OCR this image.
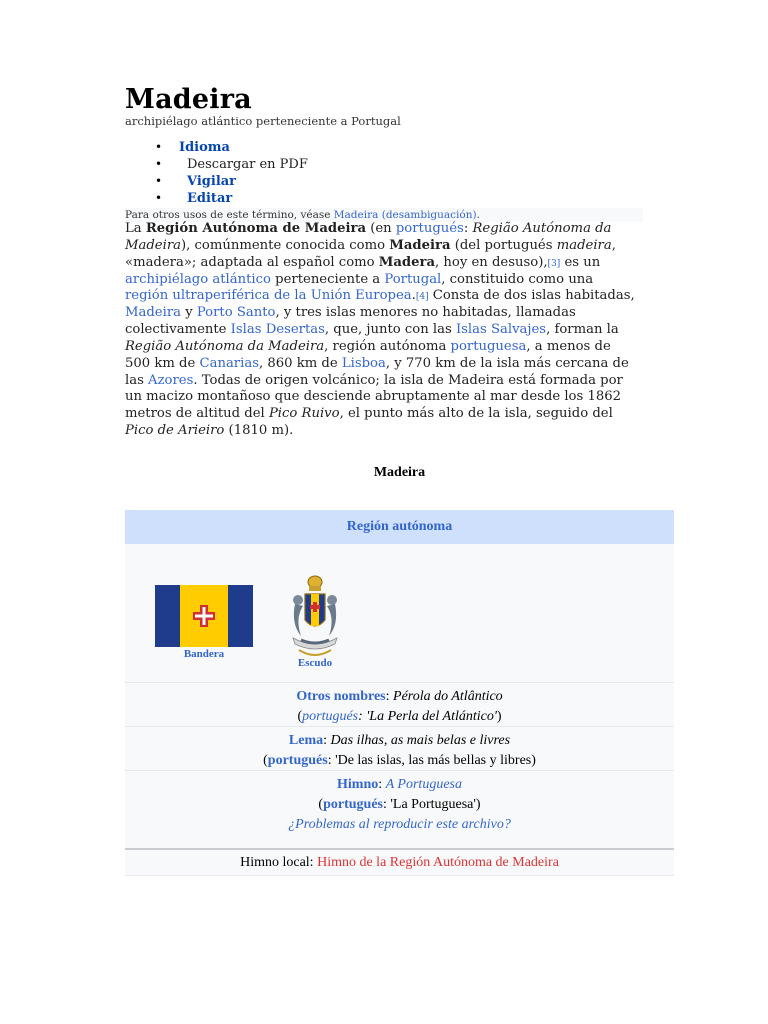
Madeira
archipiélago atlántico perteneciente a Portugal
Idioma
Descargar en PDF
Vigilar
Editar
Para otros usos de este término, véase Madeira (desambiguación).

La Región Autónoma de Madeira (en portugués: Região Autónoma da Madeira), comúnmente conocida como Madeira (del portugués madeira, «madera»; adaptada al español como Madera, hoy en desuso),[3] es un archipiélago atlántico perteneciente a Portugal, constituido como una región ultraperiférica de la Unión Europea.[4] Consta de dos islas habitadas, Madeira y Porto Santo, y tres islas menores no habitadas, llamadas colectivamente Islas Desertas, que, junto con las Islas Salvajes, forman la Região Autónoma da Madeira, región autónoma portuguesa, a menos de 500 km de Canarias, 860 km de Lisboa, y 770 km de la isla más cercana de las Azores. Todas de origen volcánico; la isla de Madeira está formada por un macizo montañoso que desciende abruptamente al mar desde los 1862 metros de altitud del Pico Ruivo, el punto más alto de la isla, seguido del Pico de Arieiro (1810 m).

Madeira
Región autónoma
Bandera
Escudo
Otros nombres: Pérola do Atlântico
(portugués: 'La Perla del Atlántico')
Lema: Das ilhas, as mais belas e livres
(portugués: 'De las islas, las más bellas y libres)
Himno: A Portuguesa
(portugués: 'La Portuguesa')
¿Problemas al reproducir este archivo?
Himno local: Himno de la Región Autónoma de Madeira
